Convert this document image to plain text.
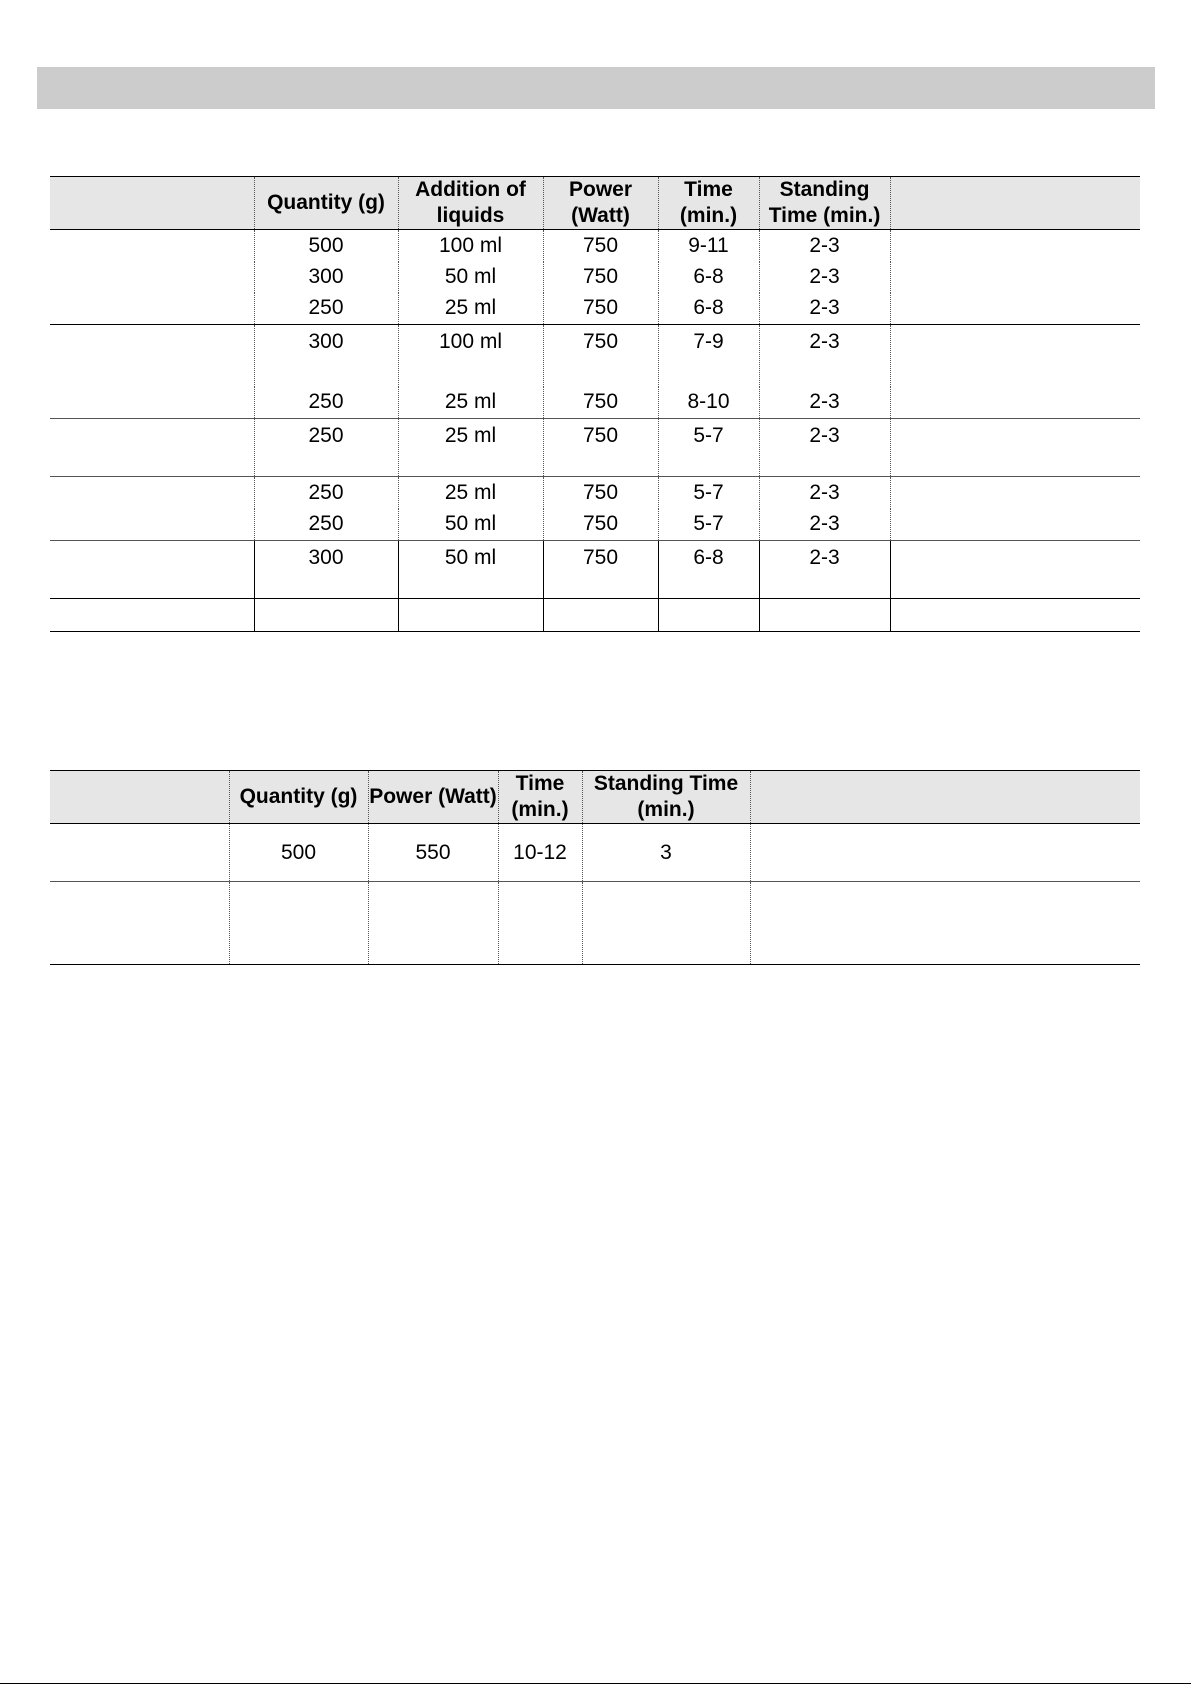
	Quantity (g)	Addition of liquids	Power (Watt)	Time (min.)	Standing Time (min.)	
	500	100 ml	750	9-11	2-3	
	300	50 ml	750	6-8	2-3	
	250	25 ml	750	6-8	2-3	
	300	100 ml	750	7-9	2-3	
	250	25 ml	750	8-10	2-3	
	250	25 ml	750	5-7	2-3	
	250	25 ml	750	5-7	2-3	
	250	50 ml	750	5-7	2-3	
	300	50 ml	750	6-8	2-3	

	Quantity (g)	Power (Watt)	Time (min.)	Standing Time (min.)	
	500	550	10-12	3	
